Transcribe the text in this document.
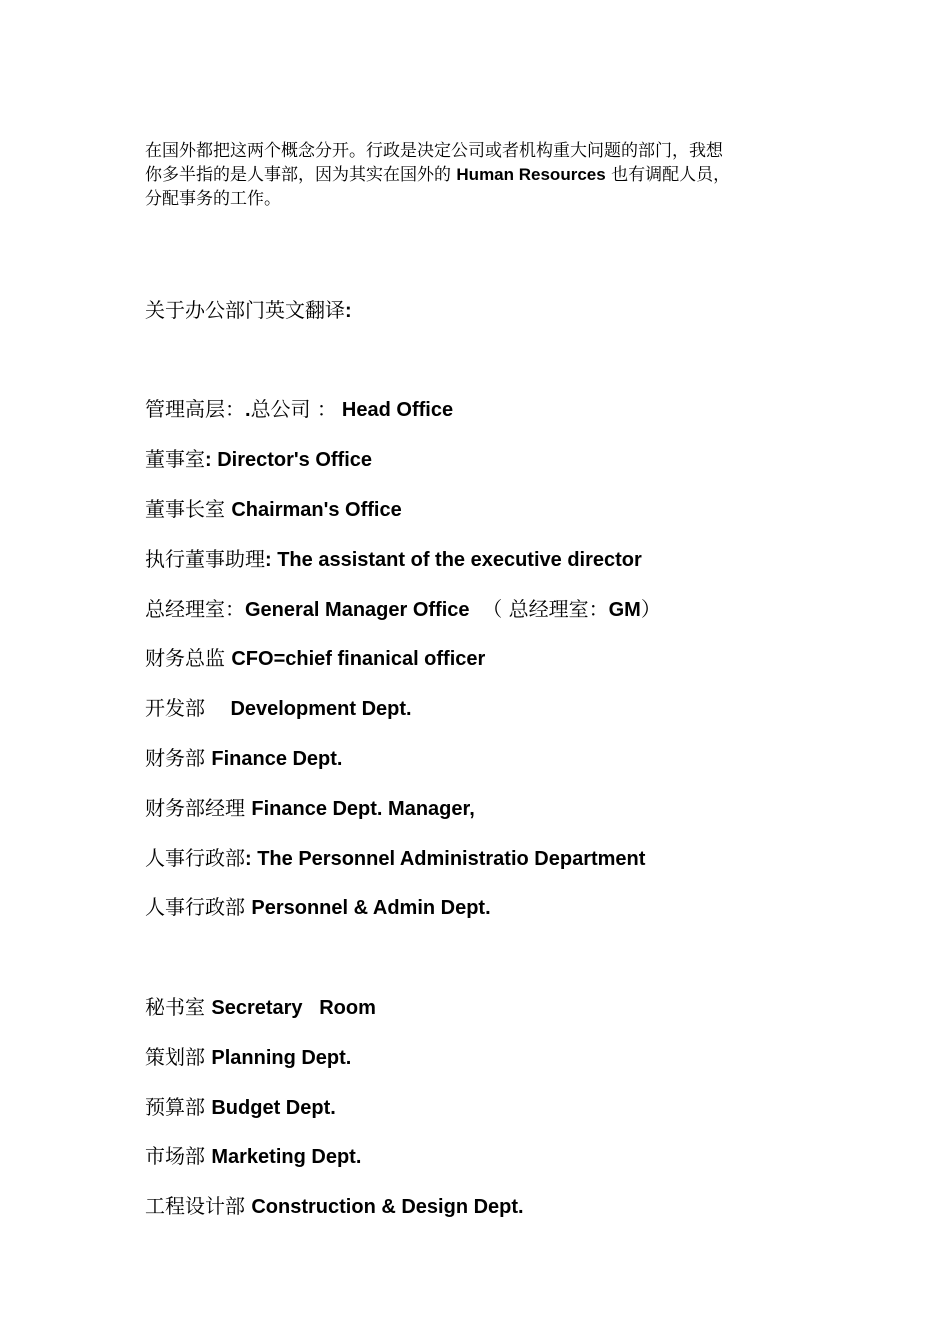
在国外都把这两个概念分开。行政是决定公司或者机构重大问题的部门，我想
你多半指的是人事部，因为其实在国外的 Human Resources 也有调配人员，
分配事务的工作。
关于办公部门英文翻译:
管理高层：.总公司 ： Head Office
董事室: Director's Office
董事长室 Chairman's Office
执行董事助理: The assistant of the executive director
总经理室：General Manager Office  （ 总经理室：GM）
财务总监 CFO=chief finanical officer
开发部    Development Dept.
财务部 Finance Dept.
财务部经理 Finance Dept. Manager,
人事行政部: The Personnel Administratio Department
人事行政部 Personnel & Admin Dept.
秘书室 Secretary   Room
策划部 Planning Dept.
预算部 Budget Dept.
市场部 Marketing Dept.
工程设计部 Construction & Design Dept.
